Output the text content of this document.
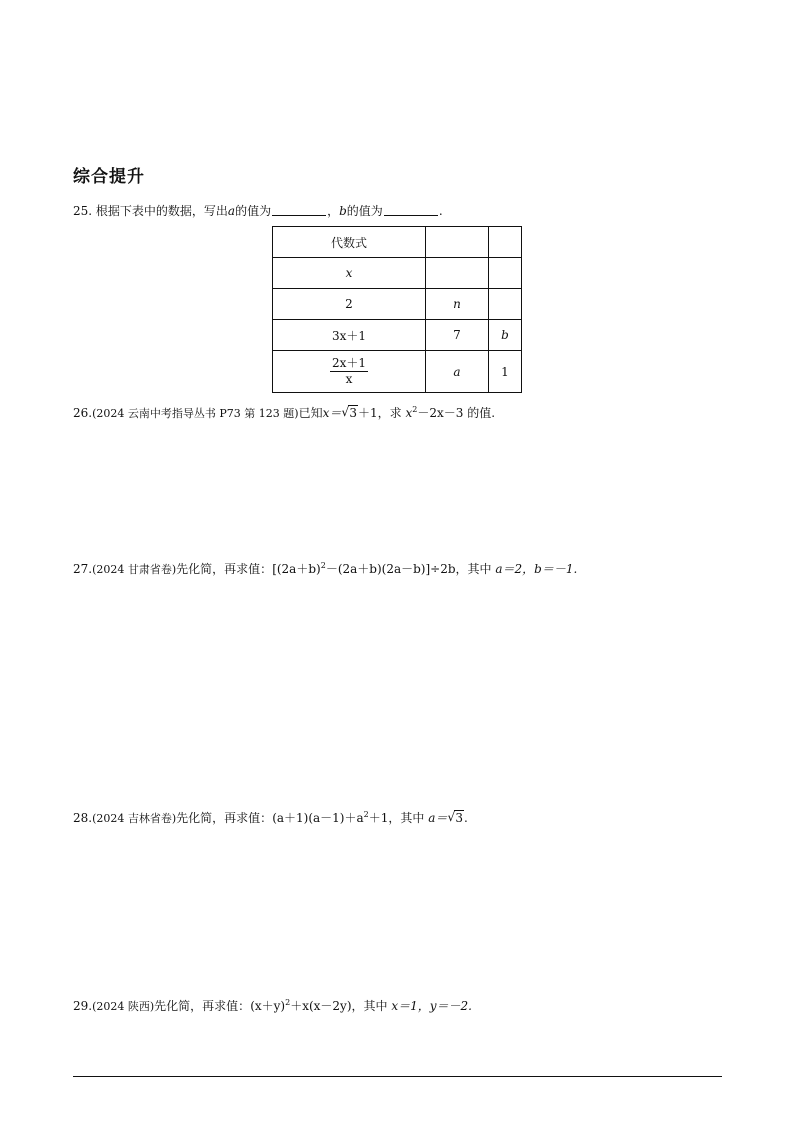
综合提升
25. 根据下表中的数据，写出a的值为	，b的值为	.
代数式		
x		
2	n	
3x＋1	7	b

$\frac{2x+1}{x}$	a	1
26.(2024 云南中考指导丛书 P73 第 123 题)已知x＝ √ 3＋1，求 $x^2-2x-3$ 的值.
27.(2024 甘肃省卷)先化简，再求值：$[(2a+b)^2-(2a+b)(2a-b)]\div 2b$，其中 a＝2，b＝－1.
28.(2024 吉林省卷)先化简，再求值：$(a+1)(a-1)+a^2+1$，其中 a＝ √ 3.
29.(2024 陕西)先化简，再求值：$(x+y)^2+x(x-2y)$，其中 x＝1，y＝－2.
